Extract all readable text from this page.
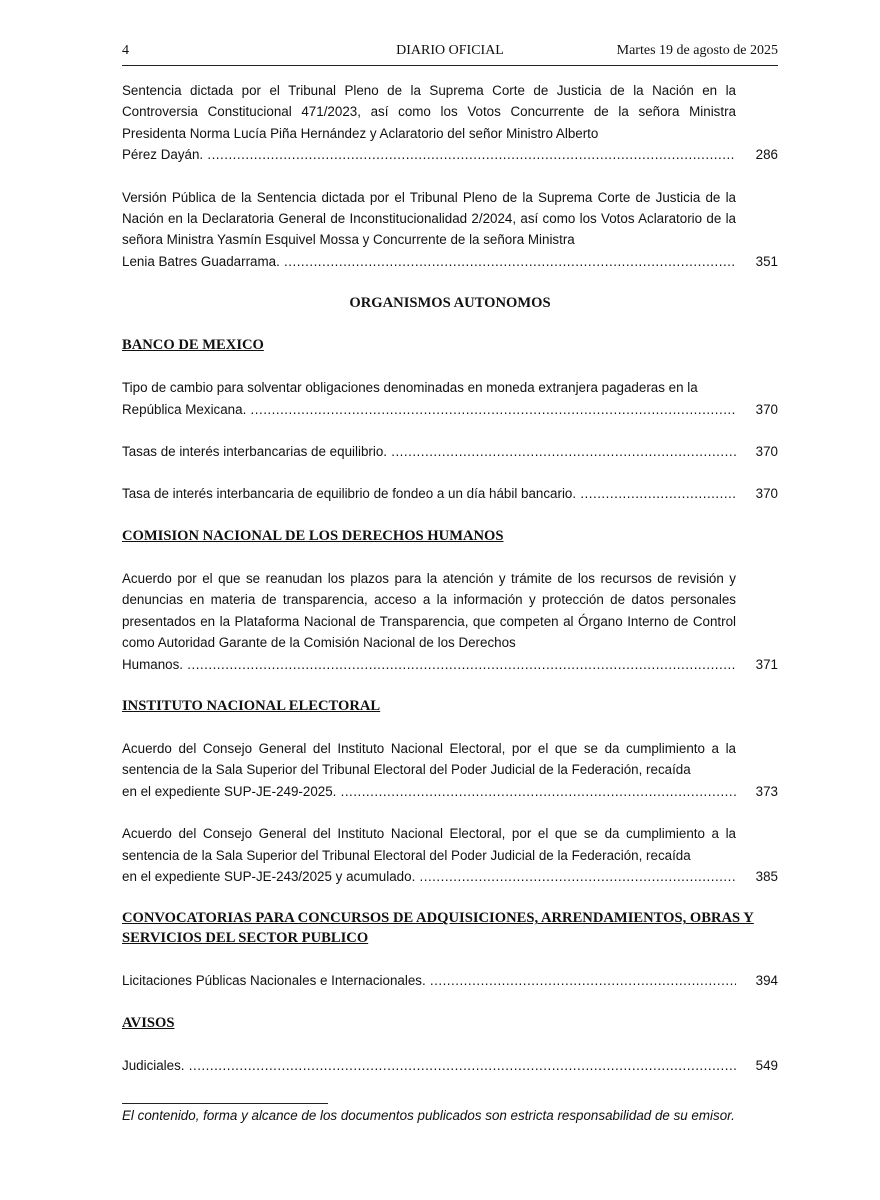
4	DIARIO OFICIAL	Martes 19 de agosto de 2025
Sentencia dictada por el Tribunal Pleno de la Suprema Corte de Justicia de la Nación en la Controversia Constitucional 471/2023, así como los Votos Concurrente de la señora Ministra Presidenta Norma Lucía Piña Hernández y Aclaratorio del señor Ministro Alberto
Pérez Dayán. .....	286
Versión Pública de la Sentencia dictada por el Tribunal Pleno de la Suprema Corte de Justicia de la Nación en la Declaratoria General de Inconstitucionalidad 2/2024, así como los Votos Aclaratorio de la señora Ministra Yasmín Esquivel Mossa y Concurrente de la señora Ministra
Lenia Batres Guadarrama. .....	351
ORGANISMOS AUTONOMOS
BANCO DE MEXICO
Tipo de cambio para solventar obligaciones denominadas en moneda extranjera pagaderas en la
República Mexicana. .....	370
Tasas de interés interbancarias de equilibrio. .....	370
Tasa de interés interbancaria de equilibrio de fondeo a un día hábil bancario. .....	370
COMISION NACIONAL DE LOS DERECHOS HUMANOS
Acuerdo por el que se reanudan los plazos para la atención y trámite de los recursos de revisión y denuncias en materia de transparencia, acceso a la información y protección de datos personales presentados en la Plataforma Nacional de Transparencia, que competen al Órgano Interno de Control como Autoridad Garante de la Comisión Nacional de los Derechos
Humanos. .....	371
INSTITUTO NACIONAL ELECTORAL
Acuerdo del Consejo General del Instituto Nacional Electoral, por el que se da cumplimiento a la sentencia de la Sala Superior del Tribunal Electoral del Poder Judicial de la Federación, recaída
en el expediente SUP-JE-249-2025. .....	373
Acuerdo del Consejo General del Instituto Nacional Electoral, por el que se da cumplimiento a la sentencia de la Sala Superior del Tribunal Electoral del Poder Judicial de la Federación, recaída
en el expediente SUP-JE-243/2025 y acumulado. .....	385
CONVOCATORIAS PARA CONCURSOS DE ADQUISICIONES, ARRENDAMIENTOS, OBRAS Y SERVICIOS DEL SECTOR PUBLICO
Licitaciones Públicas Nacionales e Internacionales. .....	394
AVISOS
Judiciales. .....	549
El contenido, forma y alcance de los documentos publicados son estricta responsabilidad de su emisor.
